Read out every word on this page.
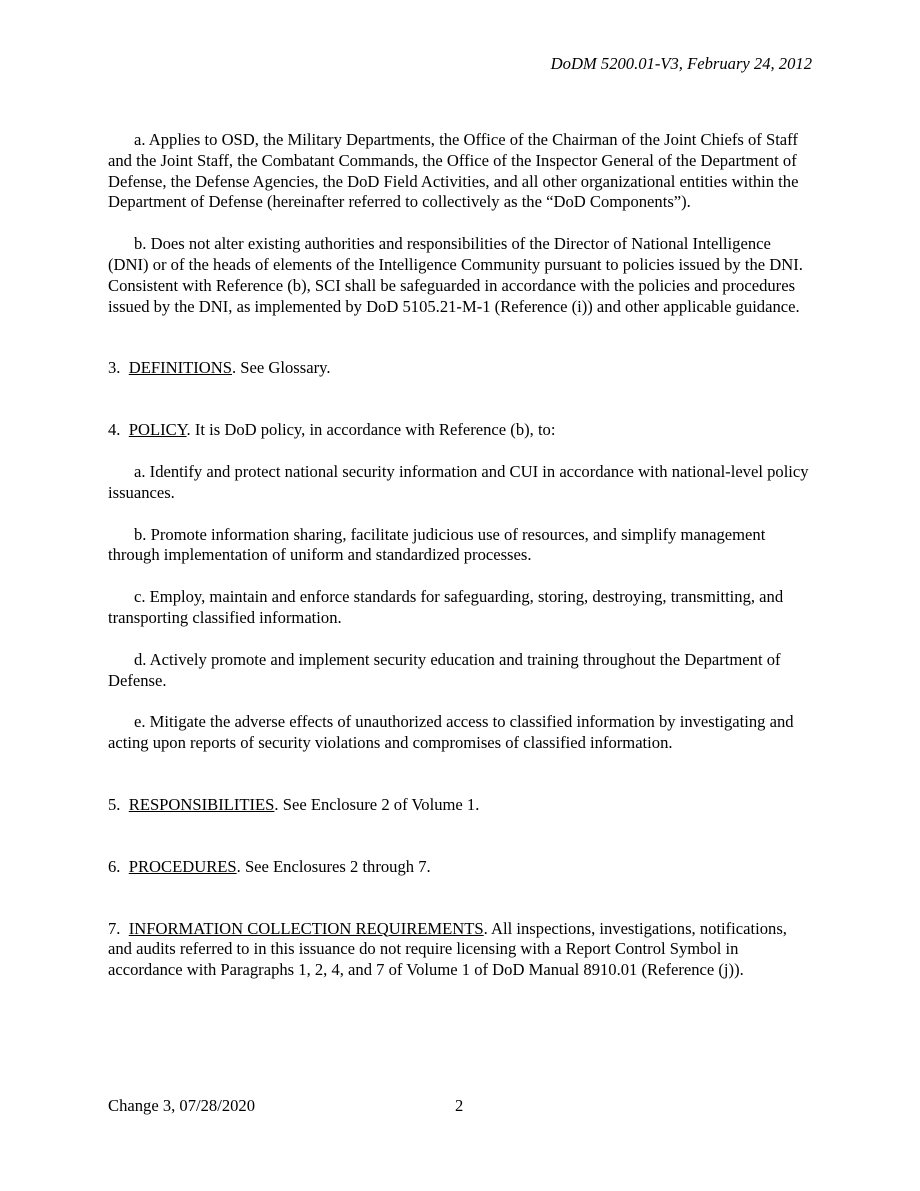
DoDM 5200.01-V3, February 24, 2012

a. Applies to OSD, the Military Departments, the Office of the Chairman of the Joint Chiefs of Staff and the Joint Staff, the Combatant Commands, the Office of the Inspector General of the Department of Defense, the Defense Agencies, the DoD Field Activities, and all other organizational entities within the Department of Defense (hereinafter referred to collectively as the “DoD Components”).

b. Does not alter existing authorities and responsibilities of the Director of National Intelligence (DNI) or of the heads of elements of the Intelligence Community pursuant to policies issued by the DNI. Consistent with Reference (b), SCI shall be safeguarded in accordance with the policies and procedures issued by the DNI, as implemented by DoD 5105.21-M-1 (Reference (i)) and other applicable guidance.

3. DEFINITIONS. See Glossary.

4. POLICY. It is DoD policy, in accordance with Reference (b), to:

a. Identify and protect national security information and CUI in accordance with national-level policy issuances.

b. Promote information sharing, facilitate judicious use of resources, and simplify management through implementation of uniform and standardized processes.

c. Employ, maintain and enforce standards for safeguarding, storing, destroying, transmitting, and transporting classified information.

d. Actively promote and implement security education and training throughout the Department of Defense.

e. Mitigate the adverse effects of unauthorized access to classified information by investigating and acting upon reports of security violations and compromises of classified information.

5. RESPONSIBILITIES. See Enclosure 2 of Volume 1.

6. PROCEDURES. See Enclosures 2 through 7.

7. INFORMATION COLLECTION REQUIREMENTS. All inspections, investigations, notifications, and audits referred to in this issuance do not require licensing with a Report Control Symbol in accordance with Paragraphs 1, 2, 4, and 7 of Volume 1 of DoD Manual 8910.01 (Reference (j)).

Change 3, 07/28/2020	2
